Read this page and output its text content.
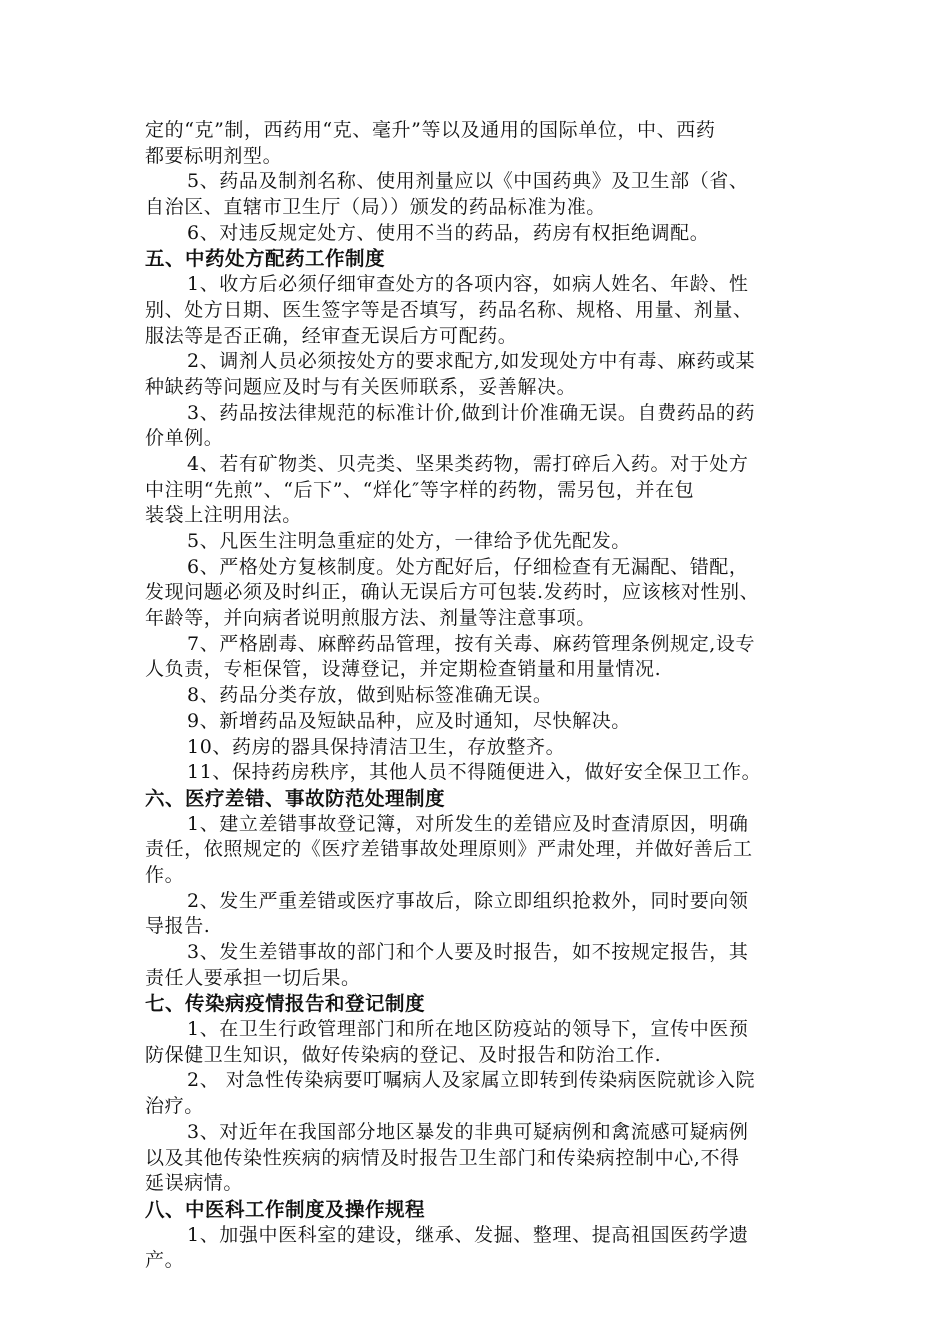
定的“克”制，西药用“克、毫升”等以及通用的国际单位，中、西药
都要标明剂型。
5、药品及制剂名称、使用剂量应以《中国药典》及卫生部（省、
自治区、直辖市卫生厅（局））颁发的药品标准为准。
6、对违反规定处方、使用不当的药品，药房有权拒绝调配。
五、中药处方配药工作制度
1、收方后必须仔细审查处方的各项内容，如病人姓名、年龄、性
别、处方日期、医生签字等是否填写，药品名称、规格、用量、剂量、
服法等是否正确，经审查无误后方可配药。
2、调剂人员必须按处方的要求配方,如发现处方中有毒、麻药或某
种缺药等问题应及时与有关医师联系，妥善解决。
3、药品按法律规范的标准计价,做到计价准确无误。自费药品的药
价单例。
4、若有矿物类、贝壳类、坚果类药物，需打碎后入药。对于处方
中注明“先煎”、“后下”、“烊化″等字样的药物，需另包，并在包
装袋上注明用法。
5、凡医生注明急重症的处方，一律给予优先配发。
6、严格处方复核制度。处方配好后，仔细检查有无漏配、错配，
发现问题必须及时纠正，确认无误后方可包装.发药时，应该核对性别、
年龄等，并向病者说明煎服方法、剂量等注意事项。
7、严格剧毒、麻醉药品管理，按有关毒、麻药管理条例规定,设专
人负责，专柜保管，设薄登记，并定期检查销量和用量情况.
8、药品分类存放，做到贴标签准确无误。
9、新增药品及短缺品种，应及时通知，尽快解决。
10、药房的器具保持清洁卫生，存放整齐。
11、保持药房秩序，其他人员不得随便进入，做好安全保卫工作。
六、医疗差错、事故防范处理制度
1、建立差错事故登记簿，对所发生的差错应及时查清原因，明确
责任，依照规定的《医疗差错事故处理原则》严肃处理，并做好善后工
作。
2、发生严重差错或医疗事故后，除立即组织抢救外，同时要向领
导报告.
3、发生差错事故的部门和个人要及时报告，如不按规定报告，其
责任人要承担一切后果。
七、传染病疫情报告和登记制度
1、在卫生行政管理部门和所在地区防疫站的领导下，宣传中医预
防保健卫生知识，做好传染病的登记、及时报告和防治工作.
2、 对急性传染病要叮嘱病人及家属立即转到传染病医院就诊入院
治疗。
3、对近年在我国部分地区暴发的非典可疑病例和禽流感可疑病例
以及其他传染性疾病的病情及时报告卫生部门和传染病控制中心,不得
延误病情。
八、中医科工作制度及操作规程
1、加强中医科室的建设，继承、发掘、整理、提高祖国医药学遗
产。
